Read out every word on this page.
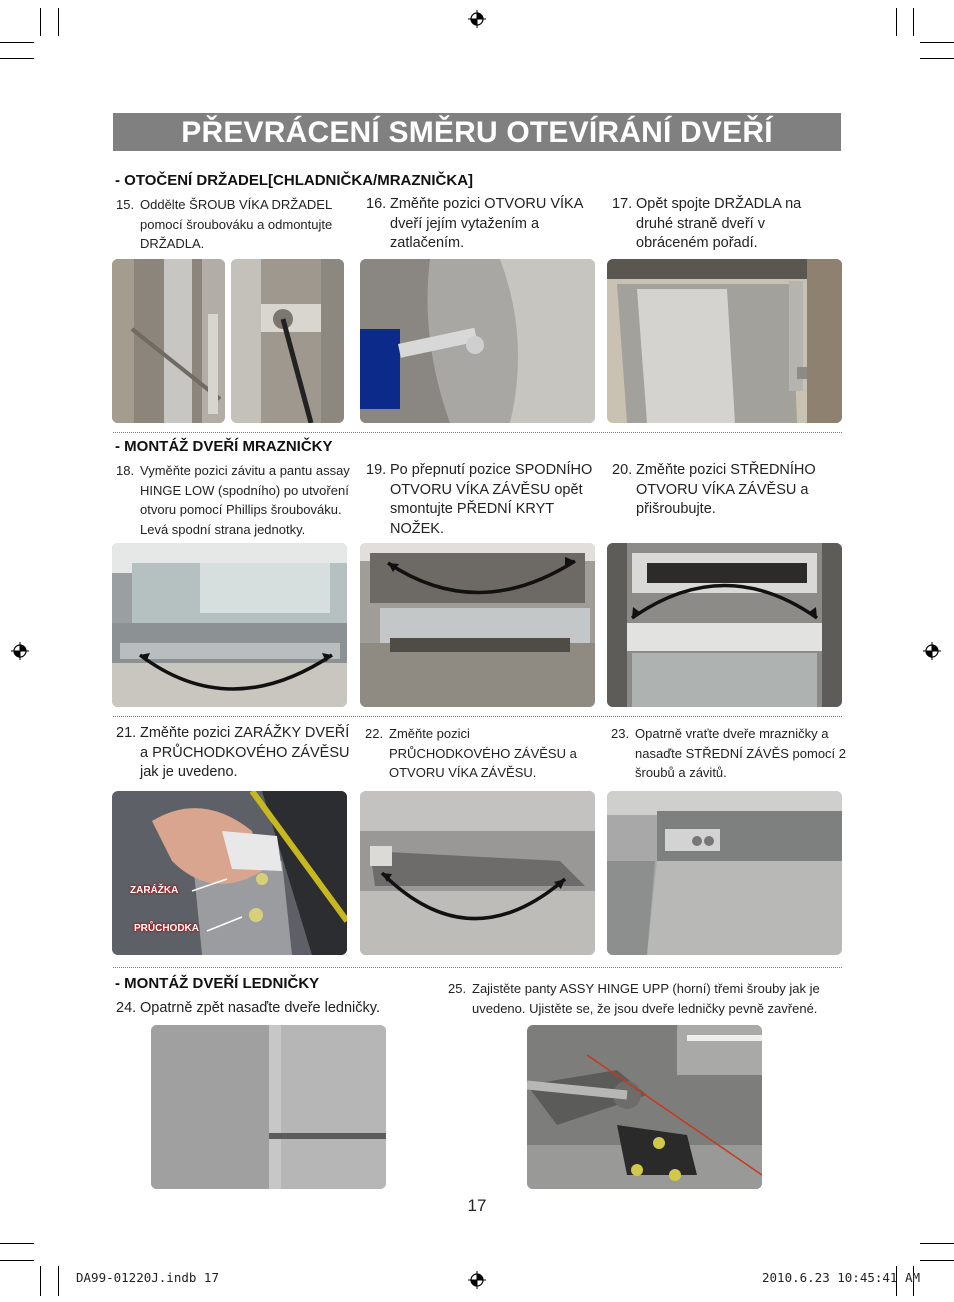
PŘEVRÁCENÍ SMĚRU OTEVÍRÁNÍ DVEŘÍ
- OTOČENÍ DRŽADEL[CHLADNIČKA/MRAZNIČKA]
15. Oddělte ŠROUB VÍKA DRŽADEL pomocí šroubováku a odmontujte DRŽADLA.
16. Změňte pozici OTVORU VÍKA dveří jejím vytažením a zatlačením.
17. Opět spojte DRŽADLA na druhé straně dveří v obráceném pořadí.
- MONTÁŽ DVEŘÍ MRAZNIČKY
18. Vyměňte pozici závitu a pantu assay HINGE LOW (spodního) po utvoření otvoru pomocí Phillips šroubováku. Levá spodní strana jednotky.
19. Po přepnutí pozice SPODNÍHO OTVORU VÍKA ZÁVĚSU opět smontujte PŘEDNÍ KRYT NOŽEK.
20. Změňte pozici STŘEDNÍHO OTVORU VÍKA ZÁVĚSU a přišroubujte.
21. Změňte pozici ZARÁŽKY DVEŘÍ a PRŮCHODKOVÉHO ZÁVĚSU jak je uvedeno.
22. Změňte pozici PRŮCHODKOVÉHO ZÁVĚSU a OTVORU VÍKA ZÁVĚSU.
23. Opatrně vraťte dveře mrazničky a nasaďte STŘEDNÍ ZÁVĚS pomocí 2 šroubů a závitů.
ZARÁŽKA
PRŮCHODKA
- MONTÁŽ DVEŘÍ LEDNIČKY
24. Opatrně zpět nasaďte dveře ledničky.
25. Zajistěte panty ASSY HINGE UPP (horní) třemi šrouby jak je uvedeno. Ujistěte se, že jsou dveře ledničky pevně zavřené.
17
DA99-01220J.indb 17	2010.6.23 10:45:41 AM
